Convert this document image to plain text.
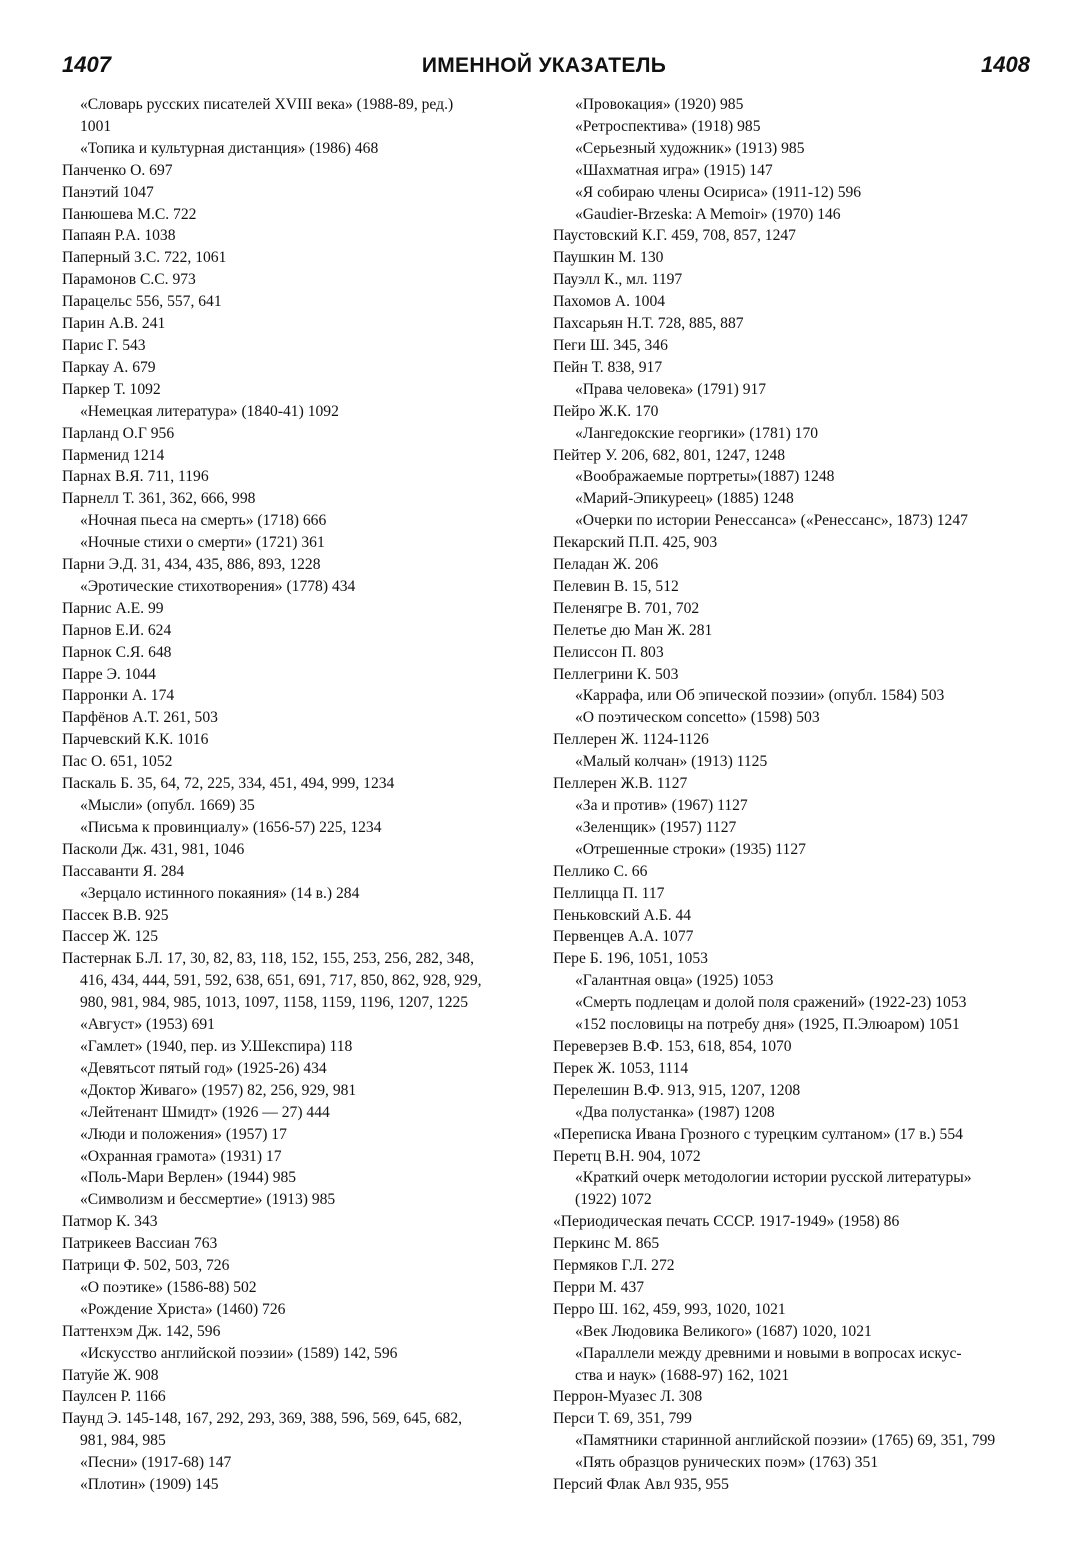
1407	ИМЕННОЙ УКАЗАТЕЛЬ	1408
«Словарь русских писателей XVIII века» (1988-89, ред.)
1001
«Топика и культурная дистанция» (1986) 468
Панченко О. 697
Панэтий 1047
Панюшева М.С. 722
Папаян Р.А. 1038
Паперный З.С. 722, 1061
Парамонов С.С. 973
Парацельс 556, 557, 641
Парин А.В. 241
Парис Г. 543
Паркау А. 679
Паркер Т. 1092
«Немецкая литература» (1840-41) 1092
Парланд О.Г 956
Парменид 1214
Парнах В.Я. 711, 1196
Парнелл Т. 361, 362, 666, 998
«Ночная пьеса на смерть» (1718) 666
«Ночные стихи о смерти» (1721) 361
Парни Э.Д. 31, 434, 435, 886, 893, 1228
«Эротические стихотворения» (1778) 434
Парнис А.Е. 99
Парнов Е.И. 624
Парнок С.Я. 648
Парре Э. 1044
Парронки А. 174
Парфёнов А.Т. 261, 503
Парчевский К.К. 1016
Пас О. 651, 1052
Паскаль Б. 35, 64, 72, 225, 334, 451, 494, 999, 1234
«Мысли» (опубл. 1669) 35
«Письма к провинциалу» (1656-57) 225, 1234
Пасколи Дж. 431, 981, 1046
Пассаванти Я. 284
«Зерцало истинного покаяния» (14 в.) 284
Пассек В.В. 925
Пассер Ж. 125
Пастернак Б.Л. 17, 30, 82, 83, 118, 152, 155, 253, 256, 282, 348,
416, 434, 444, 591, 592, 638, 651, 691, 717, 850, 862, 928, 929,
980, 981, 984, 985, 1013, 1097, 1158, 1159, 1196, 1207, 1225
«Август» (1953) 691
«Гамлет» (1940, пер. из У.Шекспира) 118
«Девятьсот пятый год» (1925-26) 434
«Доктор Живаго» (1957) 82, 256, 929, 981
«Лейтенант Шмидт» (1926 — 27) 444
«Люди и положения» (1957) 17
«Охранная грамота» (1931) 17
«Поль-Мари Верлен» (1944) 985
«Символизм и бессмертие» (1913) 985
Патмор К. 343
Патрикеев Вассиан 763
Патрици Ф. 502, 503, 726
«О поэтике» (1586-88) 502
«Рождение Христа» (1460) 726
Паттенхэм Дж. 142, 596
«Искусство английской поэзии» (1589) 142, 596
Патуйе Ж. 908
Паулсен Р. 1166
Паунд Э. 145-148, 167, 292, 293, 369, 388, 596, 569, 645, 682,
981, 984, 985
«Песни» (1917-68) 147
«Плотин» (1909) 145
«Провокация» (1920) 985
«Ретроспектива» (1918) 985
«Серьезный художник» (1913) 985
«Шахматная игра» (1915) 147
«Я собираю члены Осириса» (1911-12) 596
«Gaudier-Brzeska: A Memoir» (1970) 146
Паустовский К.Г. 459, 708, 857, 1247
Паушкин М. 130
Пауэлл К., мл. 1197
Пахомов А. 1004
Пахсарьян Н.Т. 728, 885, 887
Пеги Ш. 345, 346
Пейн Т. 838, 917
«Права человека» (1791) 917
Пейро Ж.К. 170
«Лангедокские георгики» (1781) 170
Пейтер У. 206, 682, 801, 1247, 1248
«Воображаемые портреты»(1887) 1248
«Марий-Эпикуреец» (1885) 1248
«Очерки по истории Ренессанса» («Ренессанс», 1873) 1247
Пекарский П.П. 425, 903
Пеладан Ж. 206
Пелевин В. 15, 512
Пеленягре В. 701, 702
Пелетье дю Ман Ж. 281
Пелиссон П. 803
Пеллегрини К. 503
«Каррафа, или Об эпической поэзии» (опубл. 1584) 503
«О поэтическом concetto» (1598) 503
Пеллерен Ж. 1124-1126
«Малый колчан» (1913) 1125
Пеллерен Ж.В. 1127
«За и против» (1967) 1127
«Зеленщик» (1957) 1127
«Отрешенные строки» (1935) 1127
Пеллико С. 66
Пеллицца П. 117
Пеньковский А.Б. 44
Первенцев А.А. 1077
Пере Б. 196, 1051, 1053
«Галантная овца» (1925) 1053
«Смерть подлецам и долой поля сражений» (1922-23) 1053
«152 пословицы на потребу дня» (1925, П.Элюаром) 1051
Переверзев В.Ф. 153, 618, 854, 1070
Перек Ж. 1053, 1114
Перелешин В.Ф. 913, 915, 1207, 1208
«Два полустанка» (1987) 1208
«Переписка Ивана Грозного с турецким султаном» (17 в.) 554
Перетц В.Н. 904, 1072
«Краткий очерк методологии истории русской литературы»
(1922) 1072
«Периодическая печать СССР. 1917-1949» (1958) 86
Перкинс М. 865
Пермяков Г.Л. 272
Перри М. 437
Перро Ш. 162, 459, 993, 1020, 1021
«Век Людовика Великого» (1687) 1020, 1021
«Параллели между древними и новыми в вопросах искус-
ства и наук» (1688-97) 162, 1021
Перрон-Муазес Л. 308
Перси Т. 69, 351, 799
«Памятники старинной английской поэзии» (1765) 69, 351, 799
«Пять образцов рунических поэм» (1763) 351
Персий Флак Авл 935, 955
